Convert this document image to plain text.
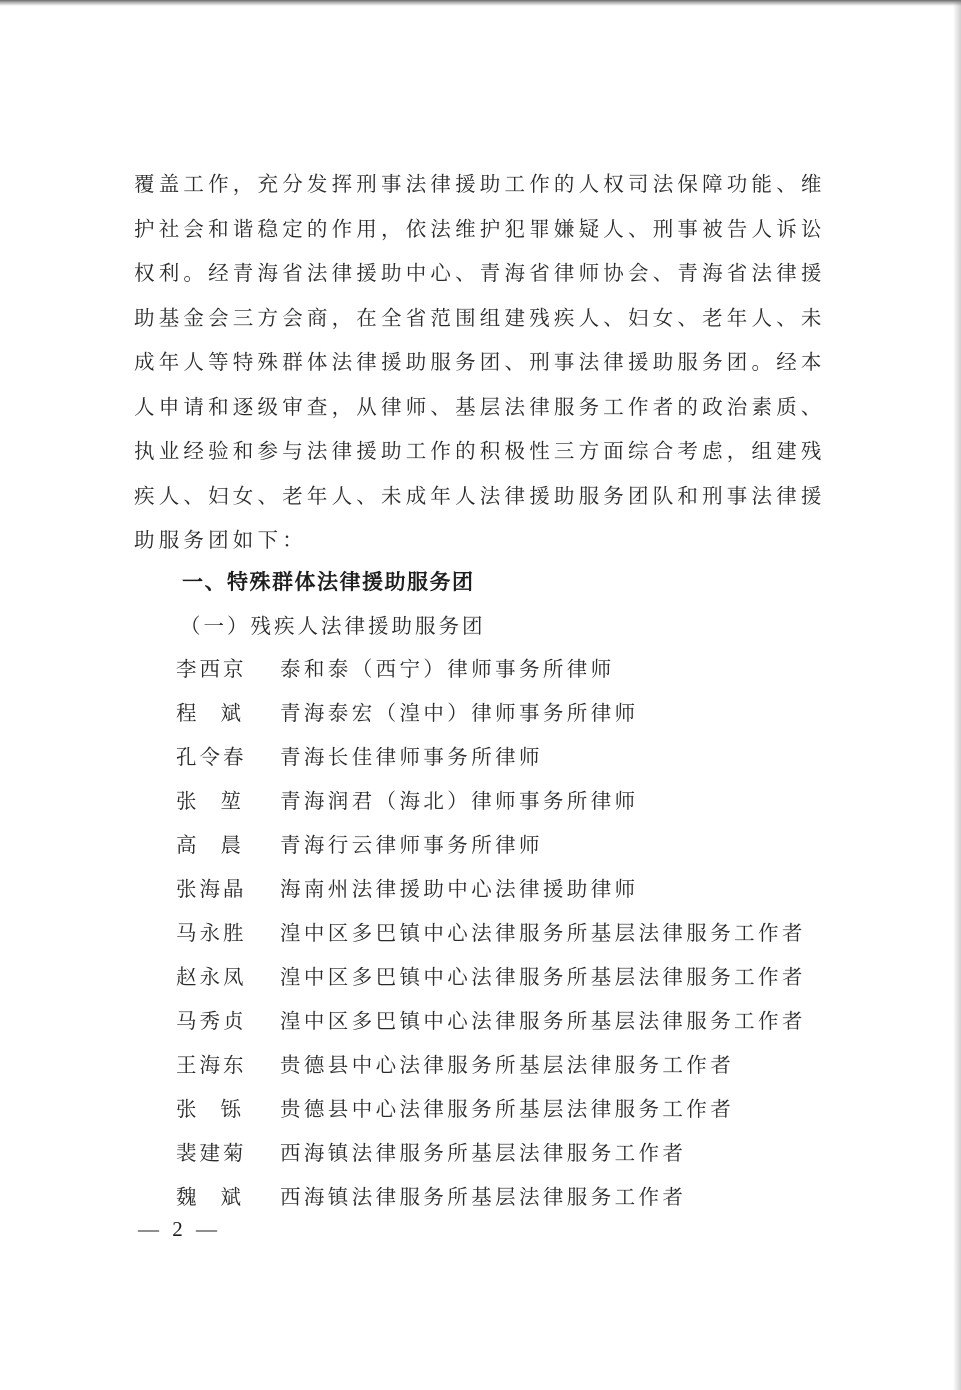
覆盖工作，充分发挥刑事法律援助工作的人权司法保障功能、维
护社会和谐稳定的作用，依法维护犯罪嫌疑人、刑事被告人诉讼
权利。经青海省法律援助中心、青海省律师协会、青海省法律援
助基金会三方会商，在全省范围组建残疾人、妇女、老年人、未
成年人等特殊群体法律援助服务团、刑事法律援助服务团。经本
人申请和逐级审查，从律师、基层法律服务工作者的政治素质、
执业经验和参与法律援助工作的积极性三方面综合考虑，组建残
疾人、妇女、老年人、未成年人法律援助服务团队和刑事法律援
助服务团如下：
一、特殊群体法律援助服务团
（一）残疾人法律援助服务团
李西京	泰和泰（西宁）律师事务所律师
程斌 青海泰宏（湟中）律师事务所律师
孔令春	青海长佳律师事务所律师
张堃 青海润君（海北）律师事务所律师
高晨 青海行云律师事务所律师
张海晶	海南州法律援助中心法律援助律师
马永胜	湟中区多巴镇中心法律服务所基层法律服务工作者
赵永凤	湟中区多巴镇中心法律服务所基层法律服务工作者
马秀贞	湟中区多巴镇中心法律服务所基层法律服务工作者
王海东	贵德县中心法律服务所基层法律服务工作者
张铄 贵德县中心法律服务所基层法律服务工作者
裴建菊	西海镇法律服务所基层法律服务工作者
魏斌 西海镇法律服务所基层法律服务工作者
— 2 —
